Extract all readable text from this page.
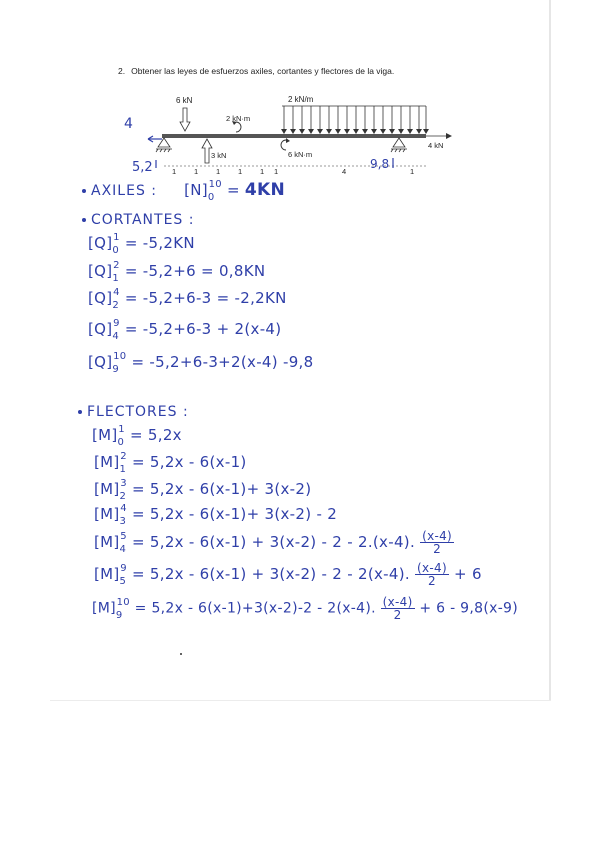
2. Obtener las leyes de esfuerzos axiles, cortantes y flectores de la viga.
2 kN/m
4 kN
6 kN
2 kN·m
3 kN	6 kN·m
1 1 1 1 1 1	4	1
4
5,2	9,8
AXILES : $[N]_0^{10} = 4KN$
CORTANTES :
$[Q]_0^1 = -5,2KN$
$[Q]_1^2 = -5,2+6 = 0,8KN$
$[Q]_2^4 = -5,2+6-3 = -2,2KN$
$[Q]_4^9 = -5,2+6-3 + 2(x-4)$
$[Q]_9^{10} = -5,2+6-3+2(x-4)$ -9,8
FLECTORES :
$[M]_0^1 = 5,2x$
$[M]_1^2 = 5,2x - 6(x-1)$
$[M]_2^3 = 5,2x - 6(x-1)+ 3(x-2)$
$[M]_3^4 = 5,2x - 6(x-1)+ 3(x-2) - 2$
$[M]_4^5 = 5,2x - 6(x-1) + 3(x-2) - 2 - 2.(x-4)$. $\frac{(x-4)}{2}$
$[M]_5^9 = 5,2x - 6(x-1) + 3(x-2) - 2 - 2(x-4)$. $\frac{(x-4)}{2} + 6$
$[M]_9^{10} = 5,2x - 6(x-1)+3(x-2)-2 - 2(x-4)$. $\frac{(x-4)}{2} + 6 - 9,8(x-9)$
